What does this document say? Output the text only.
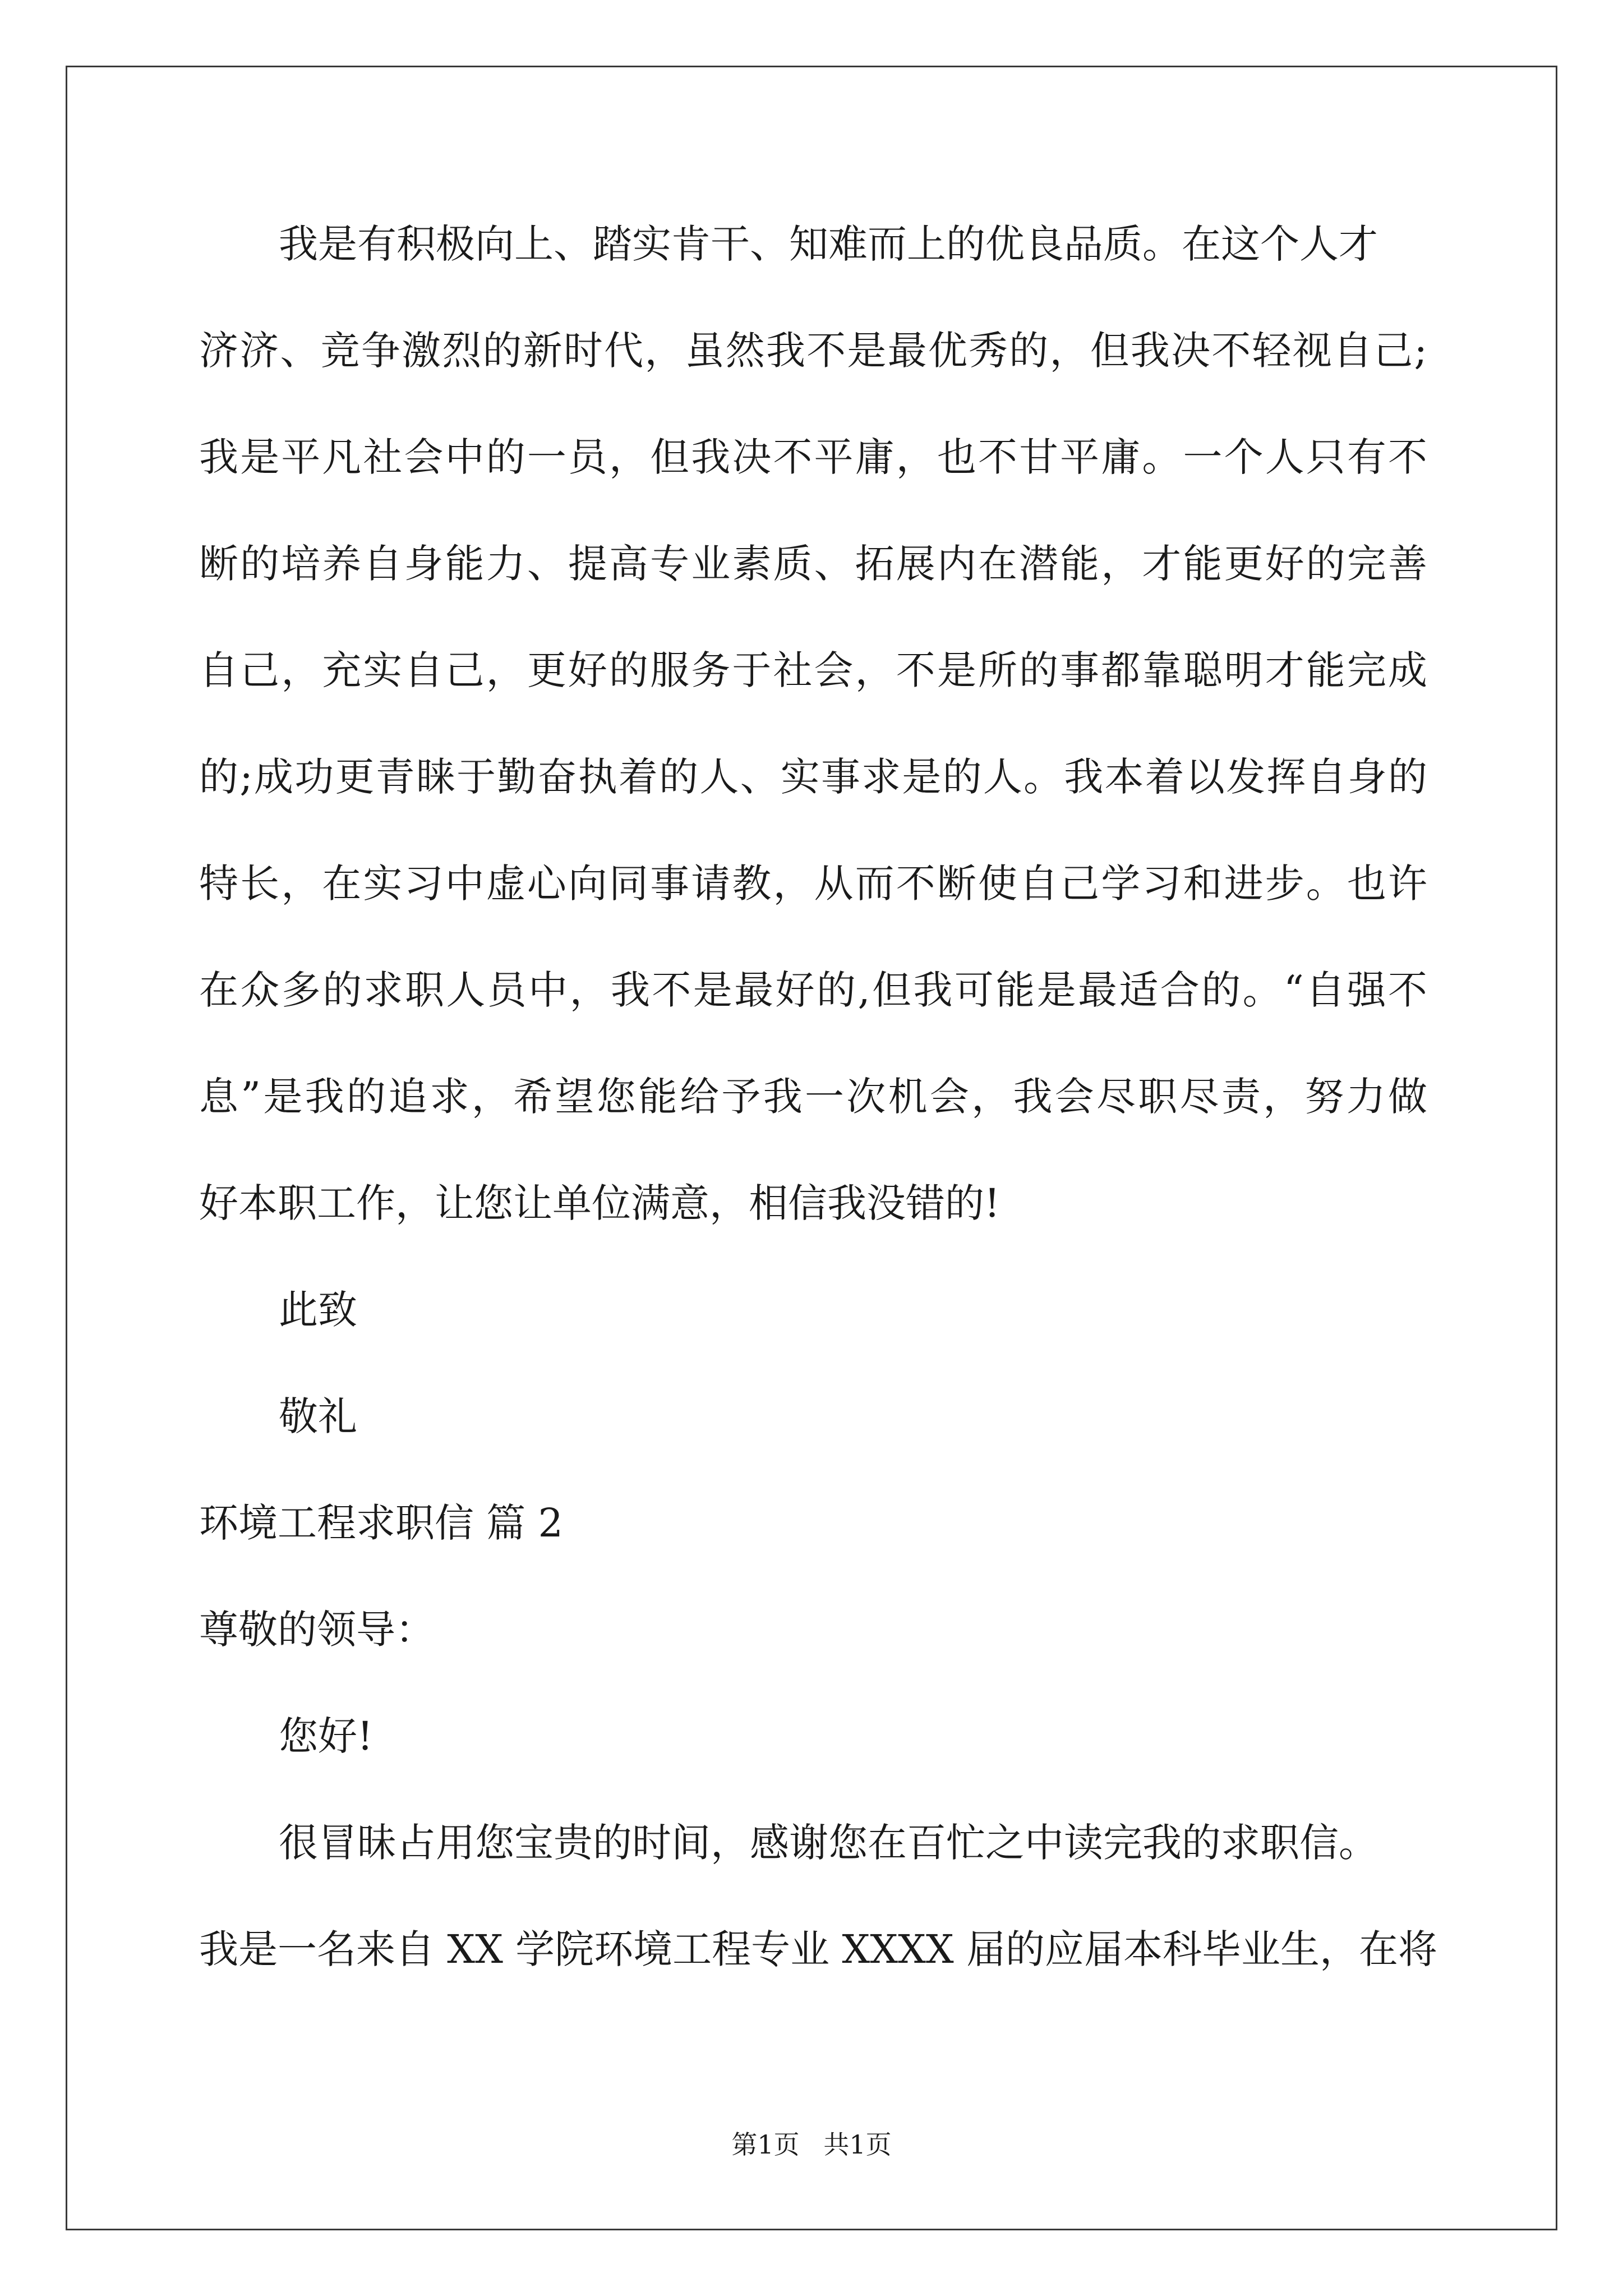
我是有积极向上、踏实肯干、知难而上的优良品质。在这个人才
济济、竞争激烈的新时代，虽然我不是最优秀的，但我决不轻视自己;
我是平凡社会中的一员，但我决不平庸，也不甘平庸。一个人只有不
断的培养自身能力、提高专业素质、拓展内在潜能，才能更好的完善
自己，充实自己，更好的服务于社会，不是所的事都靠聪明才能完成
的;成功更青睐于勤奋执着的人、实事求是的人。我本着以发挥自身的
特长，在实习中虚心向同事请教，从而不断使自己学习和进步。也许
在众多的求职人员中，我不是最好的,但我可能是最适合的。“自强不
息”是我的追求，希望您能给予我一次机会，我会尽职尽责，努力做
好本职工作，让您让单位满意，相信我没错的!
此致
敬礼
环境工程求职信 篇 2
尊敬的领导：
您好!
很冒昧占用您宝贵的时间，感谢您在百忙之中读完我的求职信。
我是一名来自 XX 学院环境工程专业 XXXX 届的应届本科毕业生，在将
第1页 共1页
